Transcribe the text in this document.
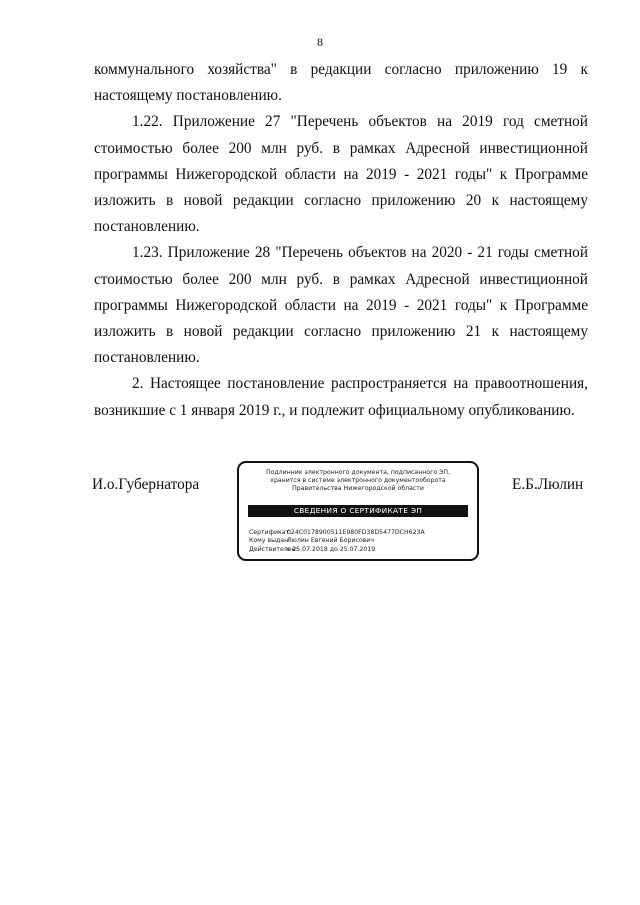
8

коммунального хозяйства" в редакции согласно приложению 19 к настоящему постановлению.

1.22. Приложение 27 "Перечень объектов на 2019 год сметной стоимостью более 200 млн руб. в рамках Адресной инвестиционной программы Нижегородской области на 2019 - 2021 годы" к Программе изложить в новой редакции согласно приложению 20 к настоящему постановлению.

1.23. Приложение 28 "Перечень объектов на 2020 - 21 годы сметной стоимостью более 200 млн руб. в рамках Адресной инвестиционной программы Нижегородской области на 2019 - 2021 годы" к Программе изложить в новой редакции согласно приложению 21 к настоящему постановлению.

2. Настоящее постановление распространяется на правоотношения, возникшие с 1 января 2019 г., и подлежит официальному опубликованию.

И.о.Губернатора
Подлинник электронного документа, подписанного ЭП,
хранится в системе электронного документооборота
Правительства Нижегородской области
СВЕДЕНИЯ О СЕРТИФИКАТЕ ЭП
Сертификат: 024C0178900511E980FD38D5477DCH623A
Кому выдан: Люлин Евгений Борисович
Действителен: с 25.07.2018 до 25.07.2019
Е.Б.Люлин
